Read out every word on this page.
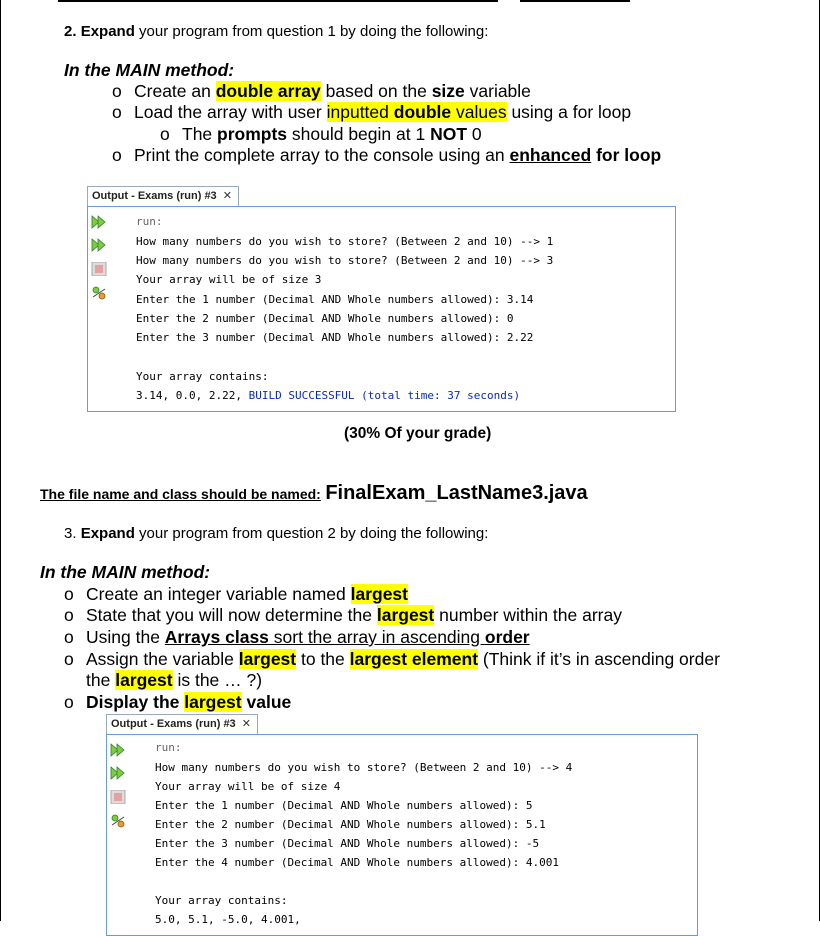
2. Expand your program from question 1 by doing the following:
In the MAIN method:
o Create an double array based on the size variable
o Load the array with user inputted double values using a for loop
o The prompts should begin at 1 NOT 0
o Print the complete array to the console using an enhanced for loop
Output - Exams (run) #3 ✕
run:
How many numbers do you wish to store? (Between 2 and 10) --> 1
How many numbers do you wish to store? (Between 2 and 10) --> 3
Your array will be of size 3
Enter the 1 number (Decimal AND Whole numbers allowed): 3.14
Enter the 2 number (Decimal AND Whole numbers allowed): 0
Enter the 3 number (Decimal AND Whole numbers allowed): 2.22
Your array contains:
3.14, 0.0, 2.22, BUILD SUCCESSFUL (total time: 37 seconds)
(30% Of your grade)
The file name and class should be named: FinalExam_LastName3.java
3. Expand your program from question 2 by doing the following:
In the MAIN method:
o Create an integer variable named largest
o State that you will now determine the largest number within the array
o Using the Arrays class sort the array in ascending order
o Assign the variable largest to the largest element (Think if it’s in ascending order
the largest is the … ?)
o Display the largest value
Output - Exams (run) #3 ✕
run:
How many numbers do you wish to store? (Between 2 and 10) --> 4
Your array will be of size 4
Enter the 1 number (Decimal AND Whole numbers allowed): 5
Enter the 2 number (Decimal AND Whole numbers allowed): 5.1
Enter the 3 number (Decimal AND Whole numbers allowed): -5
Enter the 4 number (Decimal AND Whole numbers allowed): 4.001
Your array contains:
5.0, 5.1, -5.0, 4.001,
